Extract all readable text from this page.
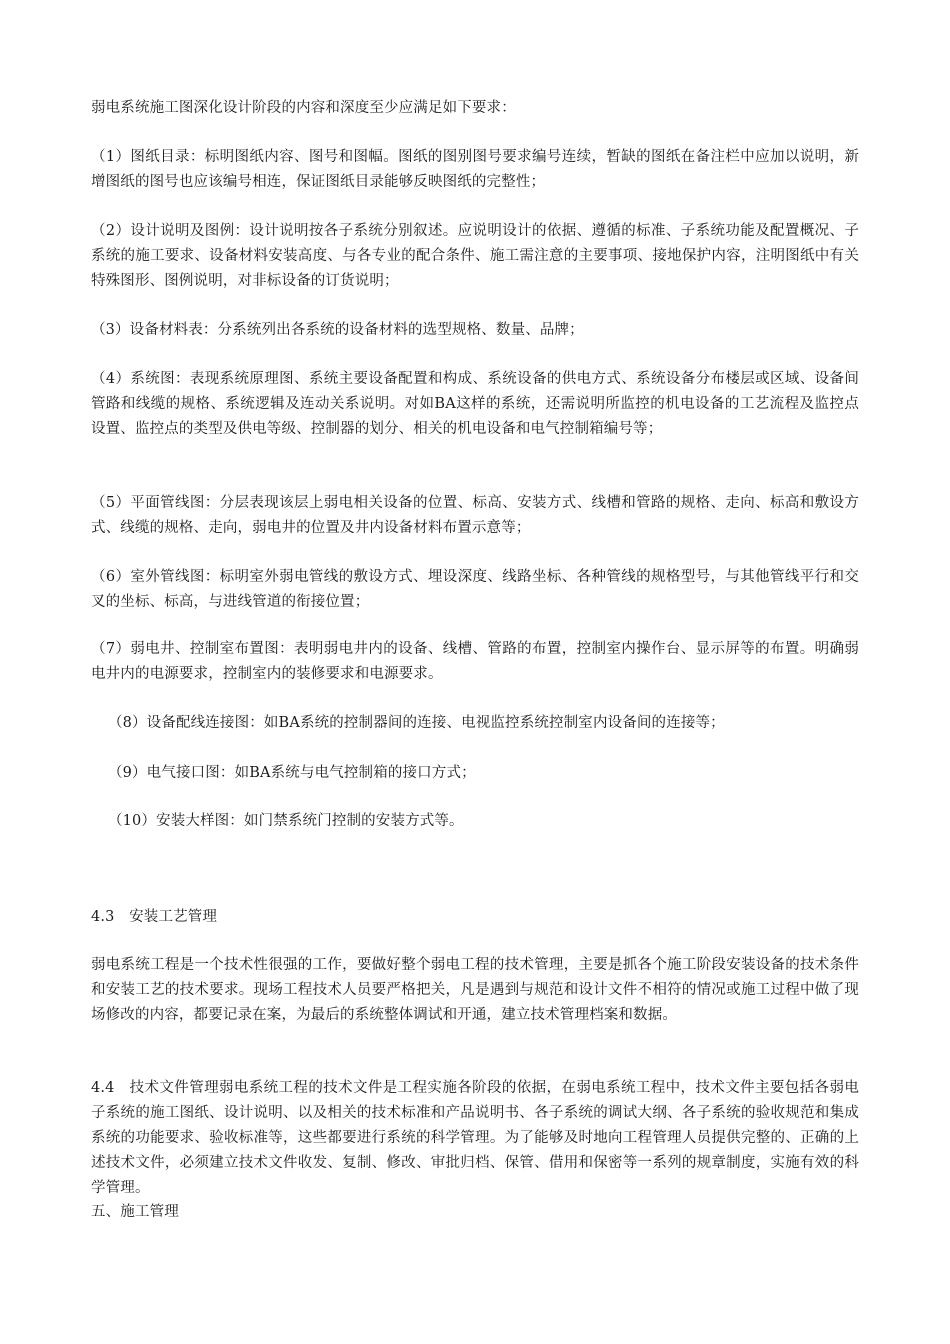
弱电系统施工图深化设计阶段的内容和深度至少应满足如下要求：

（1）图纸目录：标明图纸内容、图号和图幅。图纸的图别图号要求编号连续，暂缺的图纸在备注栏中应加以说明，新增图纸的图号也应该编号相连，保证图纸目录能够反映图纸的完整性；

（2）设计说明及图例：设计说明按各子系统分别叙述。应说明设计的依据、遵循的标准、子系统功能及配置概况、子系统的施工要求、设备材料安装高度、与各专业的配合条件、施工需注意的主要事项、接地保护内容，注明图纸中有关特殊图形、图例说明，对非标设备的订货说明；

（3）设备材料表：分系统列出各系统的设备材料的选型规格、数量、品牌；

（4）系统图：表现系统原理图、系统主要设备配置和构成、系统设备的供电方式、系统设备分布楼层或区域、设备间管路和线缆的规格、系统逻辑及连动关系说明。对如BA这样的系统，还需说明所监控的机电设备的工艺流程及监控点设置、监控点的类型及供电等级、控制器的划分、相关的机电设备和电气控制箱编号等；

（5）平面管线图：分层表现该层上弱电相关设备的位置、标高、安装方式、线槽和管路的规格、走向、标高和敷设方式、线缆的规格、走向，弱电井的位置及井内设备材料布置示意等；

（6）室外管线图：标明室外弱电管线的敷设方式、埋设深度、线路坐标、各种管线的规格型号，与其他管线平行和交叉的坐标、标高，与进线管道的衔接位置；

（7）弱电井、控制室布置图：表明弱电井内的设备、线槽、管路的布置，控制室内操作台、显示屏等的布置。明确弱电井内的电源要求，控制室内的装修要求和电源要求。

（8）设备配线连接图：如BA系统的控制器间的连接、电视监控系统控制室内设备间的连接等；

（9）电气接口图：如BA系统与电气控制箱的接口方式；

（10）安装大样图：如门禁系统门控制的安装方式等。

4.3　安装工艺管理

弱电系统工程是一个技术性很强的工作，要做好整个弱电工程的技术管理，主要是抓各个施工阶段安装设备的技术条件和安装工艺的技术要求。现场工程技术人员要严格把关，凡是遇到与规范和设计文件不相符的情况或施工过程中做了现场修改的内容，都要记录在案，为最后的系统整体调试和开通，建立技术管理档案和数据。

4.4　技术文件管理弱电系统工程的技术文件是工程实施各阶段的依据，在弱电系统工程中，技术文件主要包括各弱电子系统的施工图纸、设计说明、以及相关的技术标准和产品说明书、各子系统的调试大纲、各子系统的验收规范和集成系统的功能要求、验收标准等，这些都要进行系统的科学管理。为了能够及时地向工程管理人员提供完整的、正确的上述技术文件，必须建立技术文件收发、复制、修改、审批归档、保管、借用和保密等一系列的规章制度，实施有效的科学管理。

五、施工管理
